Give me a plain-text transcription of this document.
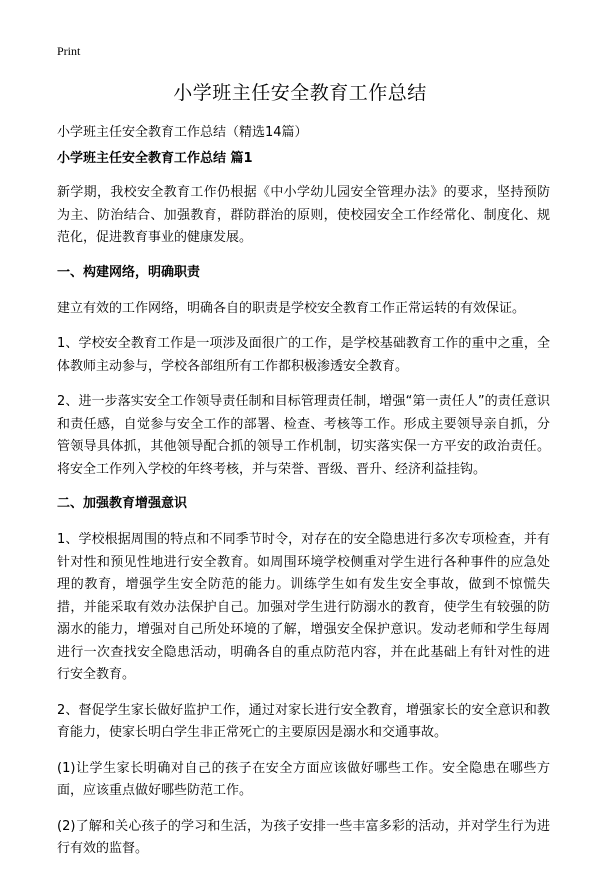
Print
小学班主任安全教育工作总结
小学班主任安全教育工作总结（精选14篇）
小学班主任安全教育工作总结 篇1
新学期，我校安全教育工作仍根据《中小学幼儿园安全管理办法》的要求，坚持预防为主、防治结合、加强教育，群防群治的原则，使校园安全工作经常化、制度化、规范化，促进教育事业的健康发展。
一、构建网络，明确职责
建立有效的工作网络，明确各自的职责是学校安全教育工作正常运转的有效保证。
1、学校安全教育工作是一项涉及面很广的工作，是学校基础教育工作的重中之重，全体教师主动参与，学校各部组所有工作都积极渗透安全教育。
2、进一步落实安全工作领导责任制和目标管理责任制，增强“第一责任人”的责任意识和责任感，自觉参与安全工作的部署、检查、考核等工作。形成主要领导亲自抓，分管领导具体抓，其他领导配合抓的领导工作机制，切实落实保一方平安的政治责任。将安全工作列入学校的年终考核，并与荣誉、晋级、晋升、经济利益挂钩。
二、加强教育增强意识
1、学校根据周围的特点和不同季节时令，对存在的安全隐患进行多次专项检查，并有针对性和预见性地进行安全教育。如周围环境学校侧重对学生进行各种事件的应急处理的教育，增强学生安全防范的能力。训练学生如有发生安全事故，做到不惊慌失措，并能采取有效办法保护自己。加强对学生进行防溺水的教育，使学生有较强的防溺水的能力，增强对自己所处环境的了解，增强安全保护意识。发动老师和学生每周进行一次查找安全隐患活动，明确各自的重点防范内容，并在此基础上有针对性的进行安全教育。
2、督促学生家长做好监护工作，通过对家长进行安全教育，增强家长的安全意识和教育能力，使家长明白学生非正常死亡的主要原因是溺水和交通事故。
(1)让学生家长明确对自己的孩子在安全方面应该做好哪些工作。安全隐患在哪些方面，应该重点做好哪些防范工作。
(2)了解和关心孩子的学习和生活，为孩子安排一些丰富多彩的活动，并对学生行为进行有效的监督。
